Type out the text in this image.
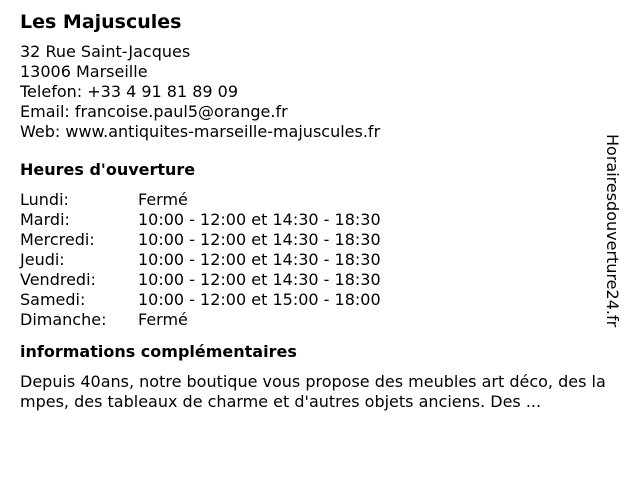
Les Majuscules
32 Rue Saint-Jacques
13006 Marseille
Telefon: +33 4 91 81 89 09
Email: francoise.paul5@orange.fr
Web: www.antiquites-marseille-majuscules.fr
Heures d'ouverture
Lundi:	Fermé
Mardi:	10:00 - 12:00 et 14:30 - 18:30
Mercredi:	10:00 - 12:00 et 14:30 - 18:30
Jeudi:	10:00 - 12:00 et 14:30 - 18:30
Vendredi:	10:00 - 12:00 et 14:30 - 18:30
Samedi:	10:00 - 12:00 et 15:00 - 18:00
Dimanche:	Fermé
informations complémentaires
Depuis 40ans, notre boutique vous propose des meubles art déco, des lampes, des tableaux de charme et d'autres objets anciens. Des ...
Horairesdouverture24.fr
